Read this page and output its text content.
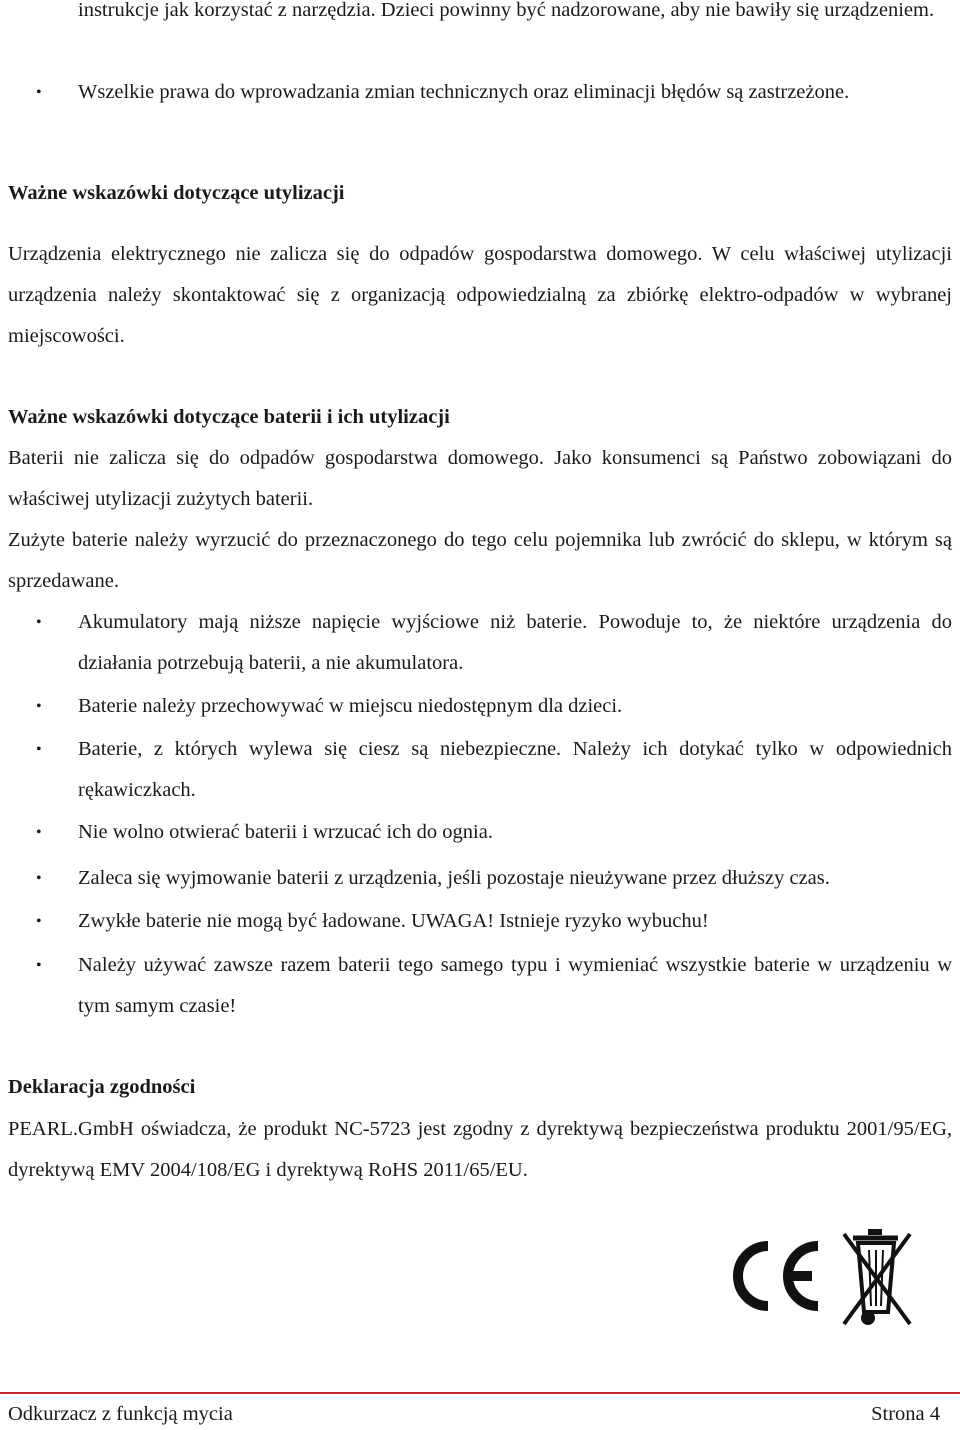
instrukcje jak korzystać z narzędzia. Dzieci powinny być nadzorowane, aby nie bawiły się urządzeniem.
• Wszelkie prawa do wprowadzania zmian technicznych oraz eliminacji błędów są zastrzeżone.
Ważne wskazówki dotyczące utylizacji
Urządzenia elektrycznego nie zalicza się do odpadów gospodarstwa domowego. W celu właściwej utylizacji urządzenia należy skontaktować się z organizacją odpowiedzialną za zbiórkę elektro-odpadów w wybranej miejscowości.
Ważne wskazówki dotyczące baterii i ich utylizacji
Baterii nie zalicza się do odpadów gospodarstwa domowego. Jako konsumenci są Państwo zobowiązani do właściwej utylizacji zużytych baterii.
Zużyte baterie należy wyrzucić do przeznaczonego do tego celu pojemnika lub zwrócić do sklepu, w którym są sprzedawane.
• Akumulatory mają niższe napięcie wyjściowe niż baterie. Powoduje to, że niektóre urządzenia do działania potrzebują baterii, a nie akumulatora.
• Baterie należy przechowywać w miejscu niedostępnym dla dzieci.
• Baterie, z których wylewa się ciesz są niebezpieczne. Należy ich dotykać tylko w odpowiednich rękawiczkach.
• Nie wolno otwierać baterii i wrzucać ich do ognia.
• Zaleca się wyjmowanie baterii z urządzenia, jeśli pozostaje nieużywane przez dłuższy czas.
• Zwykłe baterie nie mogą być ładowane. UWAGA! Istnieje ryzyko wybuchu!
• Należy używać zawsze razem baterii tego samego typu i wymieniać wszystkie baterie w urządzeniu w tym samym czasie!
Deklaracja zgodności
PEARL.GmbH oświadcza, że produkt NC-5723 jest zgodny z dyrektywą bezpieczeństwa produktu 2001/95/EG, dyrektywą EMV 2004/108/EG i dyrektywą RoHS 2011/65/EU.
Odkurzacz z funkcją mycia	Strona 4
